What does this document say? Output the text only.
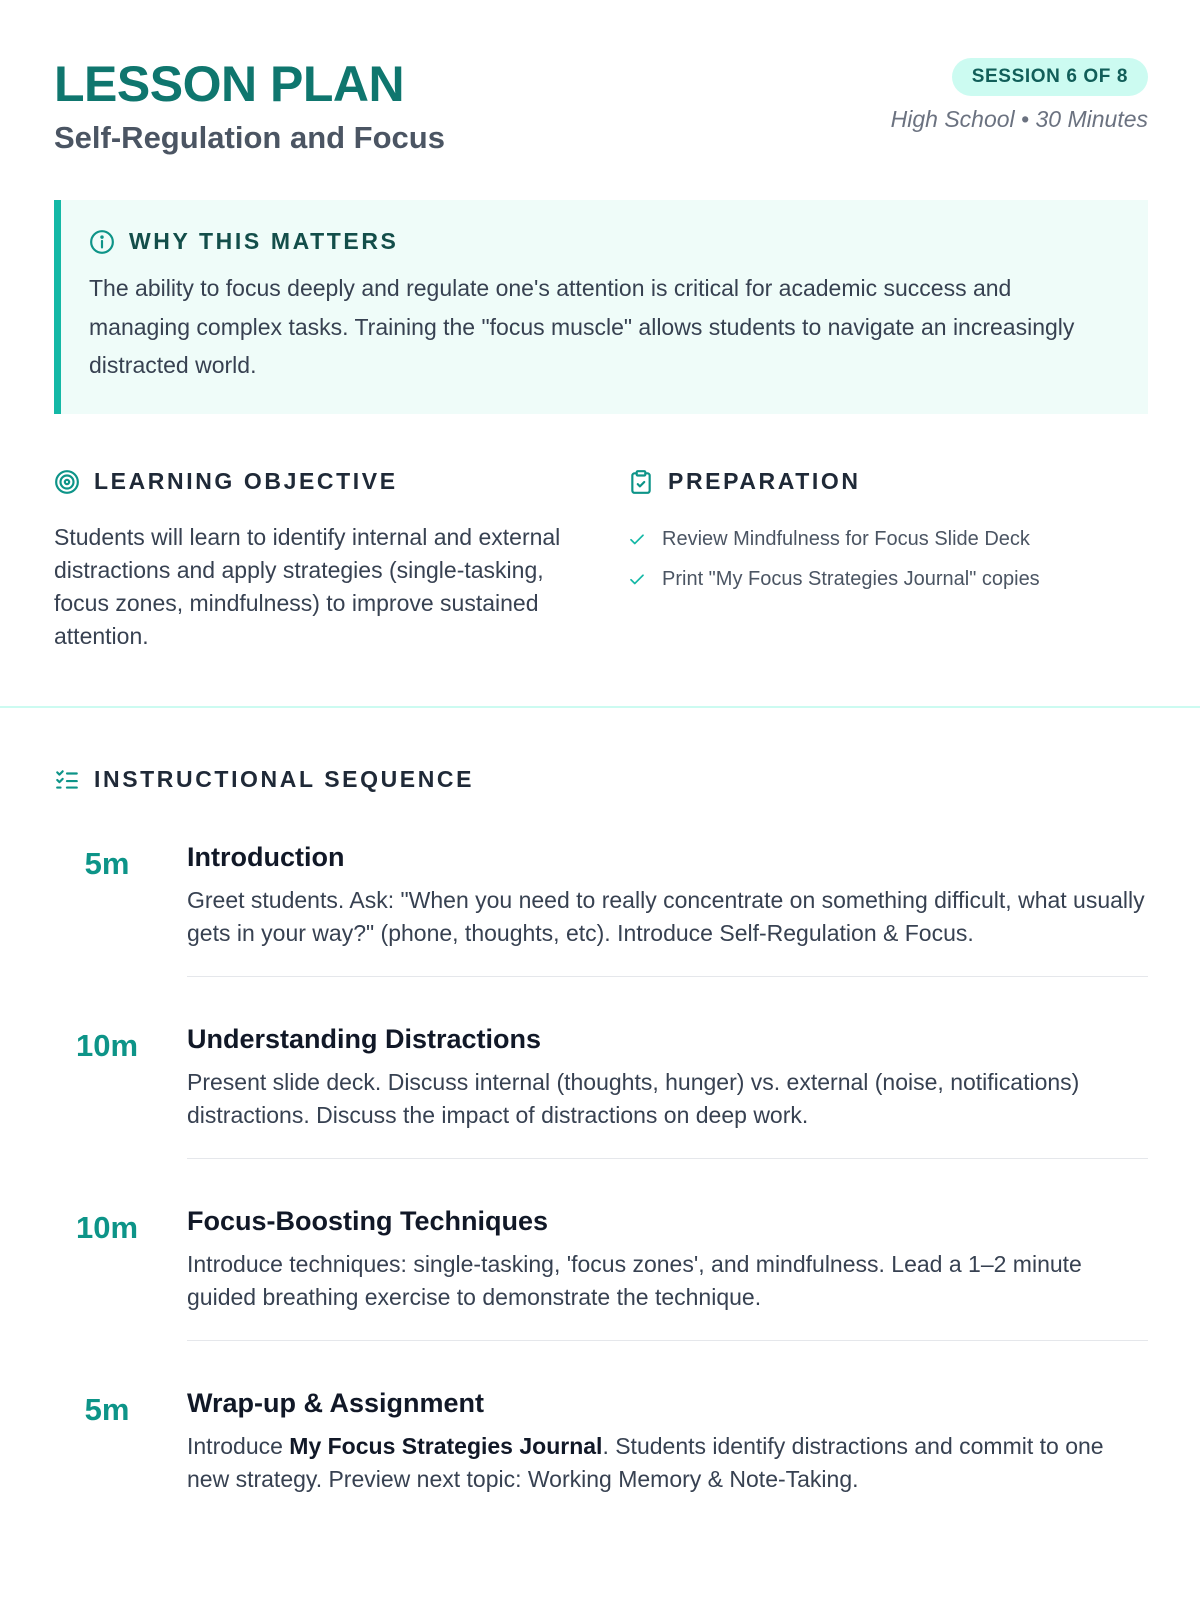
LESSON PLAN
Self-Regulation and Focus
SESSION 6 OF 8
High School • 30 Minutes
WHY THIS MATTERS

The ability to focus deeply and regulate one's attention is critical for academic success and managing complex tasks. Training the "focus muscle" allows students to navigate an increasingly distracted world.

LEARNING OBJECTIVE

Students will learn to identify internal and external distractions and apply strategies (single-tasking, focus zones, mindfulness) to improve sustained attention.

PREPARATION
Review Mindfulness for Focus Slide Deck
Print "My Focus Strategies Journal" copies
INSTRUCTIONAL SEQUENCE
5m	Introduction

Greet students. Ask: "When you need to really concentrate on something difficult, what usually gets in your way?" (phone, thoughts, etc). Introduce Self-Regulation & Focus.

10m	Understanding Distractions

Present slide deck. Discuss internal (thoughts, hunger) vs. external (noise, notifications) distractions. Discuss the impact of distractions on deep work.

10m	Focus-Boosting Techniques

Introduce techniques: single-tasking, 'focus zones', and mindfulness. Lead a 1–2 minute guided breathing exercise to demonstrate the technique.

5m	Wrap-up & Assignment

Introduce My Focus Strategies Journal. Students identify distractions and commit to one new strategy. Preview next topic: Working Memory & Note-Taking.
